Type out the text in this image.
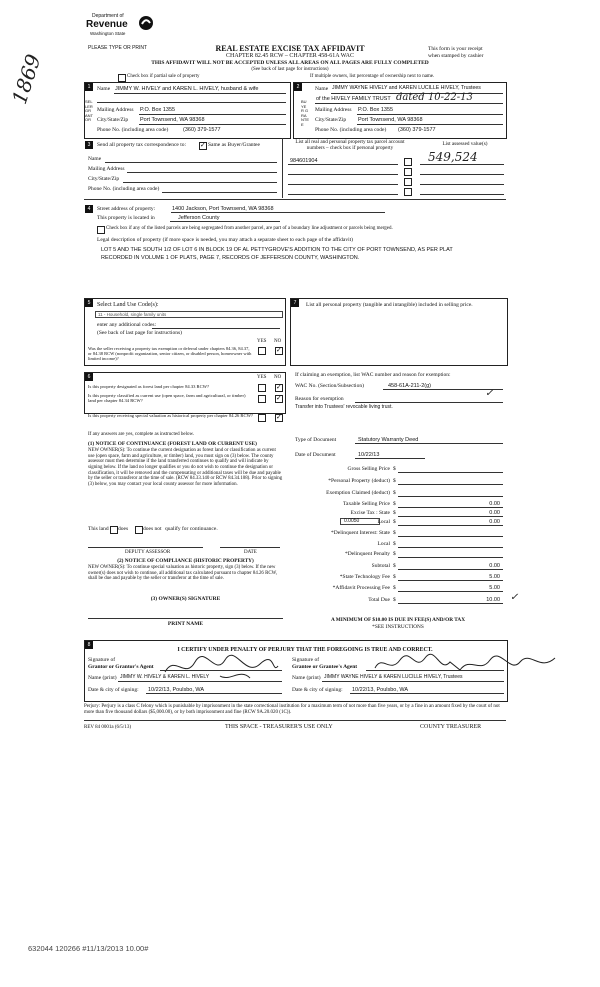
1869
Department of
Revenue
Washington State
PLEASE TYPE OR PRINT	REAL ESTATE EXCISE TAX AFFIDAVIT
CHAPTER 82.45 RCW – CHAPTER 458-61A WAC
THIS AFFIDAVIT WILL NOT BE ACCEPTED UNLESS ALL AREAS ON ALL PAGES ARE FULLY COMPLETED
This form is your receipt
when stamped by cashier
(See back of last page for instructions)
Check box if partial sale of property	If multiple owners, list percentage of ownership next to name.
1
SELLER GRANTOR
Name JIMMY W. HIVELY and KAREN L. HIVELY, husband & wife
Mailing Address P.O. Box 1355
City/State/Zip Port Townsend, WA 98368
Phone No. (including area code)	(360) 379-1577
2
BUYER GRANTEE
Name JIMMY WAYNE HIVELY and KAREN LUCILLE HIVELY, Trustees
of the HIVELY FAMILY TRUST dated 10-22-13
Mailing Address P.O. Box 1355
City/State/Zip Port Townsend, WA 98368
Phone No. (including area code) (360) 379-1577
3	Send all property tax correspondence to:
✓	Same as Buyer/Grantee
Name
Mailing Address
City/State/Zip
Phone No. (including area code)
List all real and personal property tax parcel account numbers – check box if personal property
List assessed value(s)
984601904	549,524
4	Street address of property:	1400 Jackson, Port Townsend, WA 98368
This property is located in	Jefferson County
Check box if any of the listed parcels are being segregated from another parcel, are part of a boundary line adjustment or parcels being merged.
Legal description of property (if more space is needed, you may attach a separate sheet to each page of the affidavit)
LOT 5 AND THE SOUTH 1/2 OF LOT 6 IN BLOCK 19 OF AL PETTYGROVE'S ADDITION TO THE CITY OF PORT TOWNSEND, AS PER PLAT RECORDED IN VOLUME 1 OF PLATS, PAGE 7, RECORDS OF JEFFERSON COUNTY, WASHINGTON.
5	Select Land Use Code(s):
11 - Household, single family units
enter any additional codes:
(See back of last page for instructions)
YES NO
Was the seller receiving a property tax exemption or deferral under chapters 84.36, 84.37, or 84.38 RCW (nonprofit organization, senior citizen, or disabled person, homeowner with limited income)?
✓
6	YES NO
Is this property designated as forest land per chapter 84.33 RCW?
✓
Is this property classified as current use (open space, farm and agricultural, or timber) land per chapter 84.34 RCW?
✓
Is this property receiving special valuation as historical property per chapter 84.26 RCW?
✓
If any answers are yes, complete as instructed below.
(1) NOTICE OF CONTINUANCE (FOREST LAND OR CURRENT USE)
NEW OWNER(S): To continue the current designation as forest land or classification as current use (open space, farm and agriculture, or timber) land, you must sign on (3) below. The county assessor must then determine if the land transferred continues to qualify and will indicate by signing below. If the land no longer qualifies or you do not wish to continue the designation or classification, it will be removed and the compensating or additional taxes will be due and payable by the seller or transferor at the time of sale. (RCW 84.33.140 or RCW 84.34.108). Prior to signing (3) below, you may contact your local county assessor for more information.
This land does	does not qualify for continuance.
DEPUTY ASSESSOR	DATE
(2) NOTICE OF COMPLIANCE (HISTORIC PROPERTY)
NEW OWNER(S): To continue special valuation as historic property, sign (3) below. If the new owner(s) does not wish to continue, all additional tax calculated pursuant to chapter 84.26 RCW, shall be due and payable by the seller or transferor at the time of sale.
(3) OWNER(S) SIGNATURE
PRINT NAME
7	List all personal property (tangible and intangible) included in selling price.
If claiming an exemption, list WAC number and reason for exemption:
WAC No. (Section/Subsection)	458-61A-211-2(g)
Reason for exemption	✓
Transfer into Trustees' revocable living trust.
Type of Document	Statutory Warranty Deed
Date of Document	10/22/13
Gross Selling Price $
*Personal Property (deduct) $
Exemption Claimed (deduct) $
Taxable Selling Price $	0.00
Excise Tax : State $	0.00
0.0050	Local $	0.00
*Delinquent Interest: State $
Local $
*Delinquent Penalty $
Subtotal $	0.00
*State Technology Fee $	5.00
*Affidavit Processing Fee $	5.00
Total Due $	10.00 ✓
A MINIMUM OF $10.00 IS DUE IN FEE(S) AND/OR TAX
*SEE INSTRUCTIONS
8
I CERTIFY UNDER PENALTY OF PERJURY THAT THE FOREGOING IS TRUE AND CORRECT.
Signature of
Grantor or Grantor's Agent
Name (print) JIMMY W. HIVELY & KAREN L. HIVELY
Date & city of signing: 10/22/13, Poulsbo, WA
Signature of
Grantee or Grantee's Agent
Name (print) JIMMY WAYNE HIVELY & KAREN LUCILLE HIVELY, Trustees
Date & city of signing: 10/22/13, Poulsbo, WA
Perjury: Perjury is a class C felony which is punishable by imprisonment in the state correctional institution for a maximum term of not more than five years, or by a fine in an amount fixed by the court of not more than five thousand dollars ($5,000.00), or by both imprisonment and fine (RCW 9A.20.020 (1C)).
REV 84 0001a (6/5/13)	THIS SPACE - TREASURER'S USE ONLY	COUNTY TREASURER
632044 120266 #11/13/2013 10.00#
